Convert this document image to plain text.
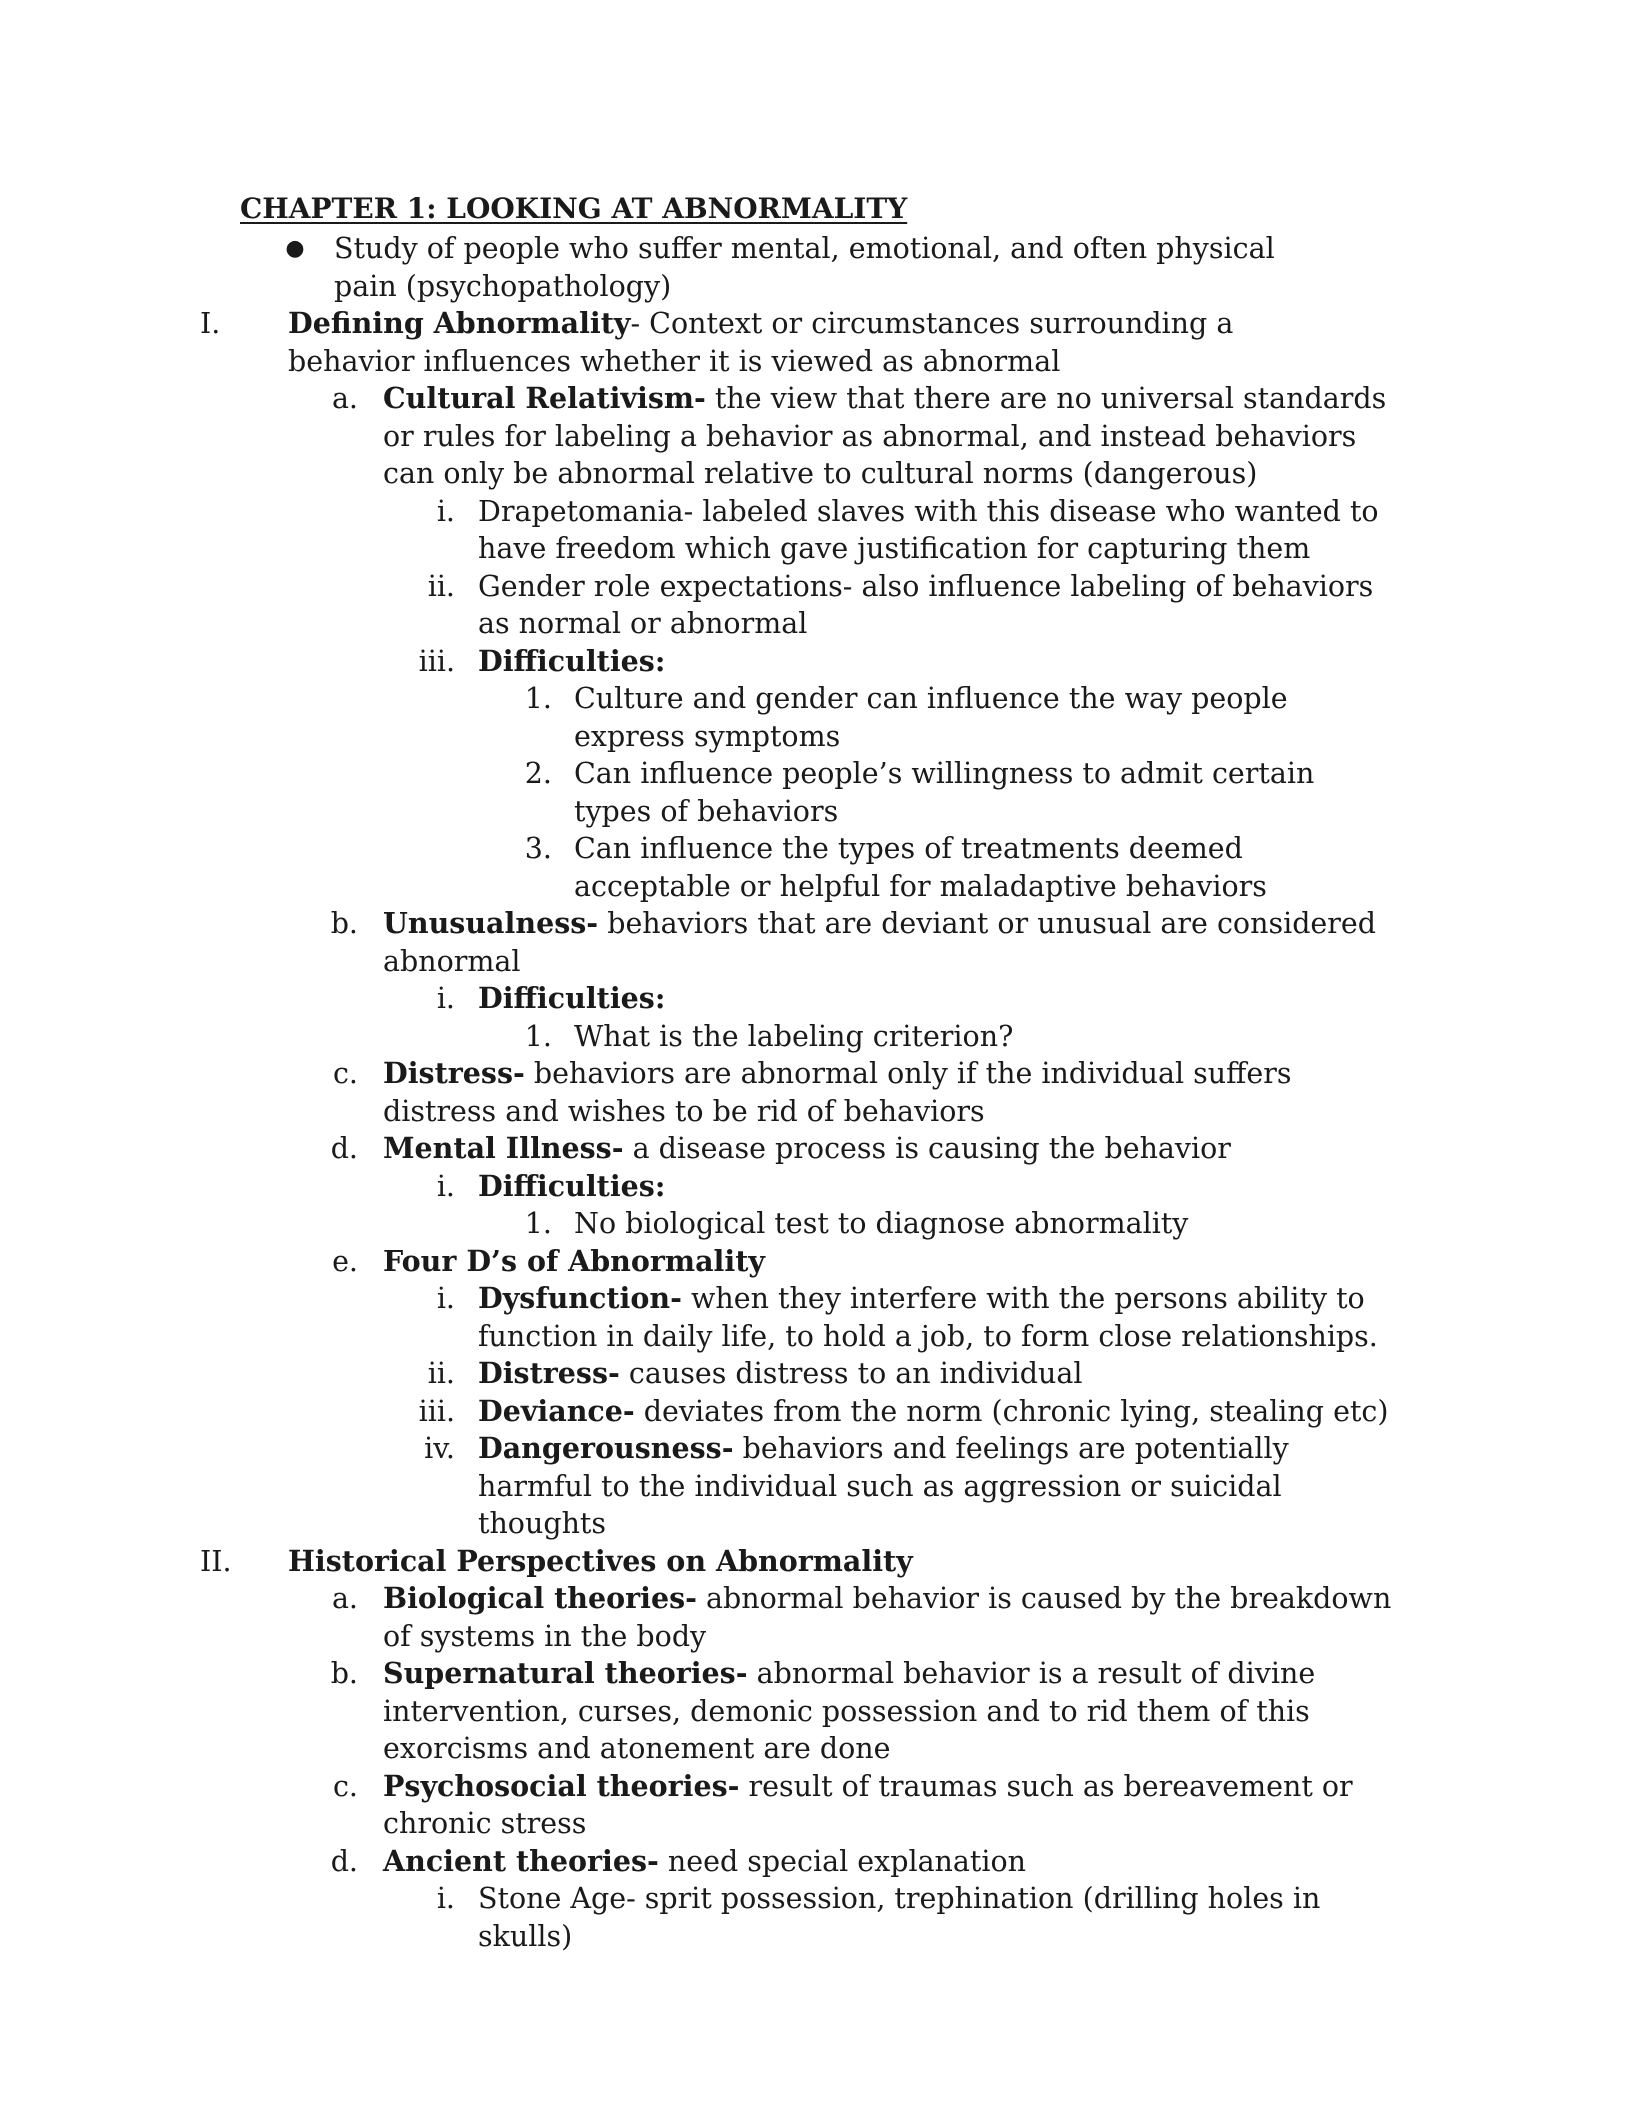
CHAPTER 1: LOOKING AT ABNORMALITY
● Study of people who suffer mental, emotional, and often physical pain (psychopathology)
I.	Defining Abnormality- Context or circumstances surrounding a behavior influences whether it is viewed as abnormal
a. Cultural Relativism- the view that there are no universal standards or rules for labeling a behavior as abnormal, and instead behaviors can only be abnormal relative to cultural norms (dangerous)
i. Drapetomania- labeled slaves with this disease who wanted to have freedom which gave justification for capturing them
ii. Gender role expectations- also influence labeling of behaviors as normal or abnormal
iii. Difficulties:
1. Culture and gender can influence the way people express symptoms
2. Can influence people’s willingness to admit certain types of behaviors
3. Can influence the types of treatments deemed acceptable or helpful for maladaptive behaviors
b. Unusualness- behaviors that are deviant or unusual are considered abnormal
i. Difficulties:
1. What is the labeling criterion?
c. Distress- behaviors are abnormal only if the individual suffers distress and wishes to be rid of behaviors
d. Mental Illness- a disease process is causing the behavior
i. Difficulties:
1. No biological test to diagnose abnormality
e. Four D’s of Abnormality
i. Dysfunction- when they interfere with the persons ability to function in daily life, to hold a job, to form close relationships.
ii. Distress- causes distress to an individual
iii. Deviance- deviates from the norm (chronic lying, stealing etc)
iv. Dangerousness- behaviors and feelings are potentially harmful to the individual such as aggression or suicidal thoughts
II.	Historical Perspectives on Abnormality
a. Biological theories- abnormal behavior is caused by the breakdown of systems in the body
b. Supernatural theories- abnormal behavior is a result of divine intervention, curses, demonic possession and to rid them of this exorcisms and atonement are done
c. Psychosocial theories- result of traumas such as bereavement or chronic stress
d. Ancient theories- need special explanation
i. Stone Age- sprit possession, trephination (drilling holes in skulls)
